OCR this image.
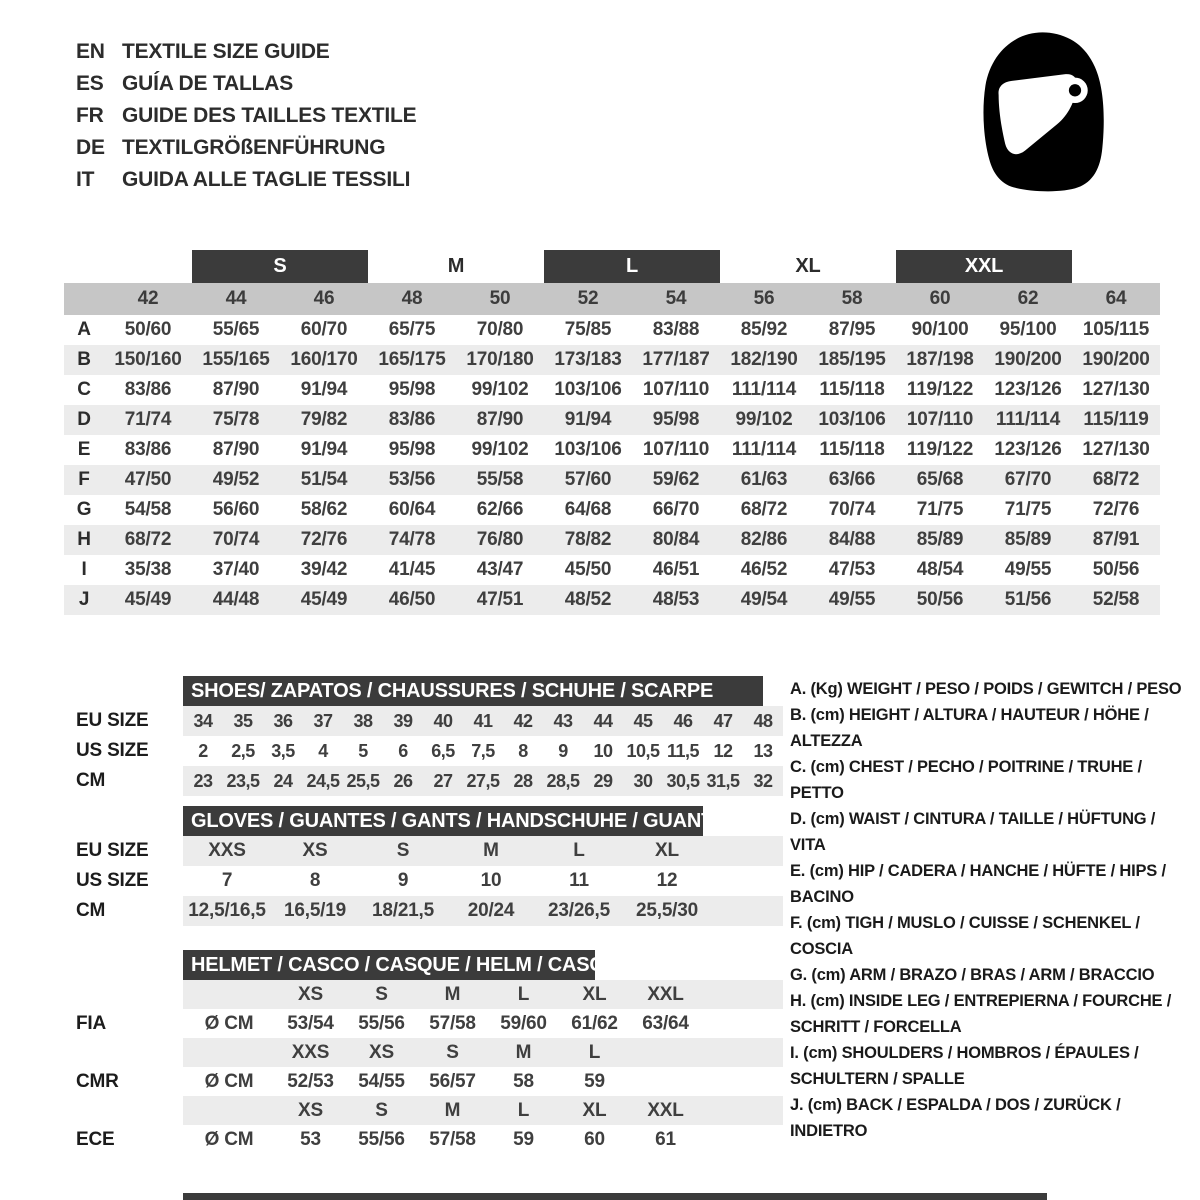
EN TEXTILE SIZE GUIDE
ES GUÍA DE TALLAS
FR GUIDE DES TAILLES TEXTILE
DE TEXTILGRÖßENFÜHRUNG
IT	GUIDA ALLE TAGLIE TESSILI
S	M	L	XL	XXL
42	44	46	48	50	52	54	56	58	60	62	64
A	50/60	55/65	60/70	65/75	70/80	75/85	83/88	85/92	87/95	90/100	95/100	105/115
B	150/160	155/165	160/170	165/175	170/180	173/183	177/187	182/190	185/195	187/198	190/200	190/200
C	83/86	87/90	91/94	95/98	99/102	103/106	107/110	111/114	115/118	119/122	123/126	127/130
D	71/74	75/78	79/82	83/86	87/90	91/94	95/98	99/102	103/106	107/110	111/114	115/119
E	83/86	87/90	91/94	95/98	99/102	103/106	107/110	111/114	115/118	119/122	123/126	127/130
F	47/50	49/52	51/54	53/56	55/58	57/60	59/62	61/63	63/66	65/68	67/70	68/72
G	54/58	56/60	58/62	60/64	62/66	64/68	66/70	68/72	70/74	71/75	71/75	72/76
H	68/72	70/74	72/76	74/78	76/80	78/82	80/84	82/86	84/88	85/89	85/89	87/91
I	35/38	37/40	39/42	41/45	43/47	45/50	46/51	46/52	47/53	48/54	49/55	50/56
J	45/49	44/48	45/49	46/50	47/51	48/52	48/53	49/54	49/55	50/56	51/56	52/58
SHOES/ ZAPATOS / CHAUSSURES / SCHUHE / SCARPE
EU SIZE	34	35	36	37	38	39	40	41	42	43	44	45	46	47	48
US SIZE	2	2,5 3,5	4	5	6	6,5 7,5	8	9	10 10,5 11,5 12	13
CM	23 23,5 24 24,5 25,5 26	27 27,5 28 28,5 29	30 30,5 31,5 32
GLOVES / GUANTES / GANTS / HANDSCHUHE / GUANTI
EU SIZE	XXS	XS	S	M	L	XL
US SIZE	7	8	9	10	11	12
CM	12,5/16,5 16,5/19	18/21,5	20/24	23/26,5	25,5/30
HELMET / CASCO / CASQUE / HELM / CASCO
XS	S	M	L	XL	XXL
FIA	Ø CM	53/54	55/56	57/58	59/60	61/62	63/64
XXS	XS	S	M	L
CMR	Ø CM	52/53	54/55	56/57	58	59
XS	S	M	L	XL	XXL
ECE	Ø CM	53	55/56	57/58	59	60	61
A. (Kg) WEIGHT / PESO / POIDS / GEWITCH / PESO
B. (cm) HEIGHT / ALTURA / HAUTEUR / HÖHE / ALTEZZA
C. (cm) CHEST / PECHO / POITRINE / TRUHE / PETTO
D. (cm) WAIST / CINTURA / TAILLE / HÜFTUNG / VITA
E. (cm) HIP / CADERA / HANCHE / HÜFTE / HIPS / BACINO
F. (cm) TIGH / MUSLO / CUISSE / SCHENKEL / COSCIA
G. (cm) ARM / BRAZO / BRAS / ARM / BRACCIO
H. (cm) INSIDE LEG / ENTREPIERNA / FOURCHE / SCHRITT / FORCELLA
I. (cm) SHOULDERS / HOMBROS / ÉPAULES / SCHULTERN / SPALLE
J. (cm) BACK / ESPALDA / DOS / ZURÜCK / INDIETRO
